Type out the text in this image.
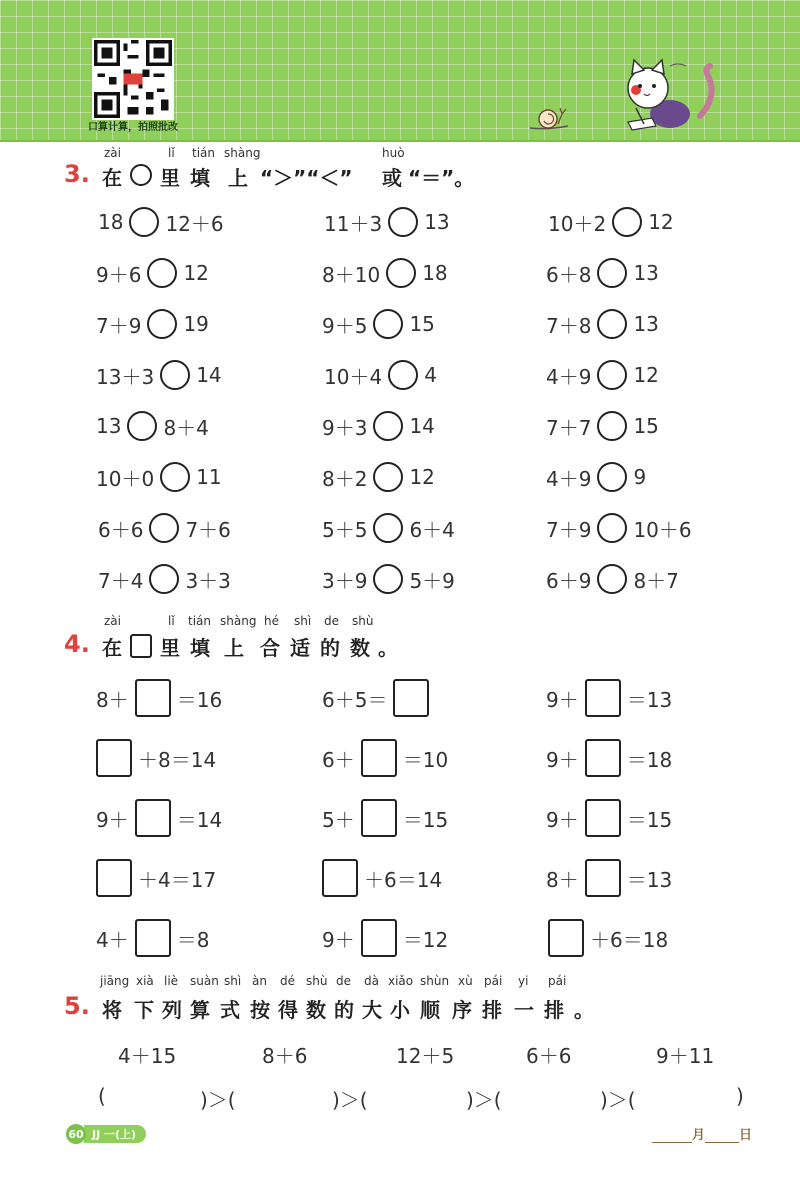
口算计算，拍照批改
3.
zài	lǐ tián shàng	huò
在 里 填 上 “＞”“＜” 或 “＝”。
18 12＋6	11＋3 13	10＋2 12
9＋6 12	8＋10 18	6＋8 13
7＋9 19	9＋5 15	7＋8 13
13＋3 14	10＋4 4	4＋9 12
13 8＋4	9＋3 14	7＋7 15
10＋0 11	8＋2 12	4＋9 9
6＋6 7＋6	5＋5 6＋4	7＋9 10＋6
7＋4 3＋3	3＋9 5＋9	6＋9 8＋7
4.
zài	lǐ tián shàng hé shì de shù
在 里 填 上 合 适 的 数 。
8＋ ＝16	6＋5＝	9＋ ＝13
＋8＝14	6＋ ＝10	9＋ ＝18
9＋ ＝14	5＋ ＝15	9＋ ＝15
＋4＝17	＋6＝14	8＋ ＝13
4＋ ＝8	9＋ ＝12	＋6＝18
5.
jiāng xià liè suàn shì àn dé shù de dà xiǎo shùn xù pái yi pái
将 下 列 算 式 按 得 数 的 大 小 顺 序 排 一 排 。
4＋15	8＋6	12＋5	6＋6	9＋11
(	)＞(	)＞(	)＞(	)＞(	)
JJ 一(上)
60	月	日
